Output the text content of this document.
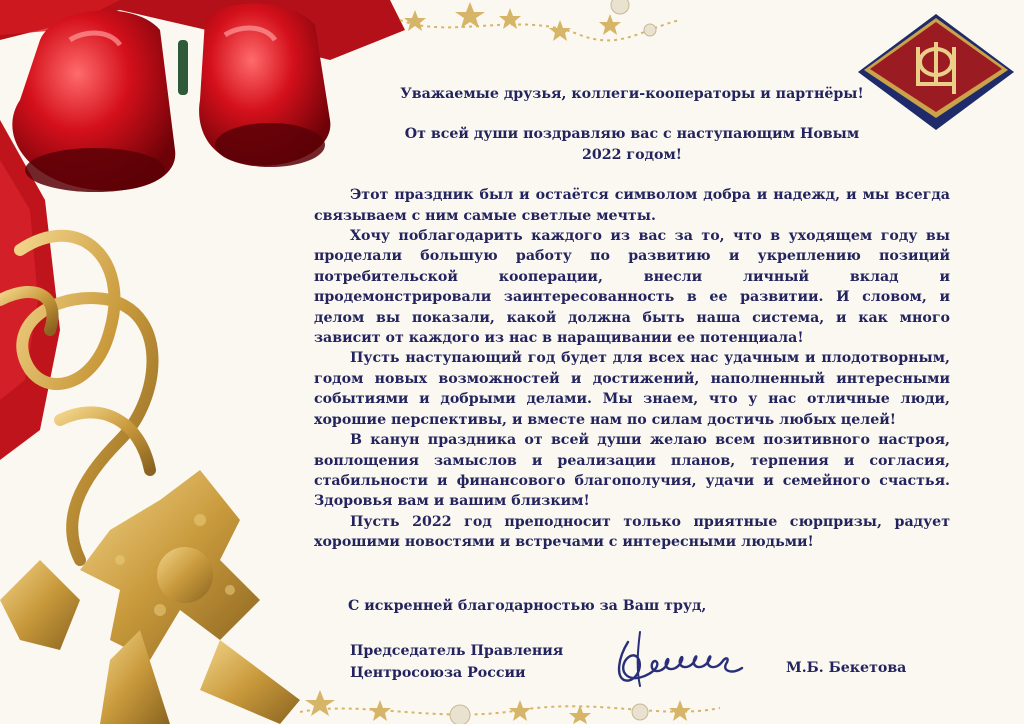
Уважаемые друзья, коллеги-кооператоры и партнёры!

От всей души поздравляю вас с наступающим Новым 2022 годом!

Этот праздник был и остаётся символом добра и надежд, и мы всегда связываем с ним самые светлые мечты.

Хочу поблагодарить каждого из вас за то, что в уходящем году вы проделали большую работу по развитию и укреплению позиций потребительской кооперации, внесли личный вклад и продемонстрировали заинтересованность в ее развитии. И словом, и делом вы показали, какой должна быть наша система, и как много зависит от каждого из нас в наращивании ее потенциала!

Пусть наступающий год будет для всех нас удачным и плодотворным, годом новых возможностей и достижений, наполненный интересными событиями и добрыми делами. Мы знаем, что у нас отличные люди, хорошие перспективы, и вместе нам по силам достичь любых целей!

В канун праздника от всей души желаю всем позитивного настроя, воплощения замыслов и реализации планов, терпения и согласия, стабильности и финансового благополучия, удачи и семейного счастья. Здоровья вам и вашим близким!

Пусть 2022 год преподносит только приятные сюрпризы, радует хорошими новостями и встречами с интересными людьми!

С искренней благодарностью за Ваш труд,
Председатель Правления
Центросоюза России	М.Б. Бекетова
